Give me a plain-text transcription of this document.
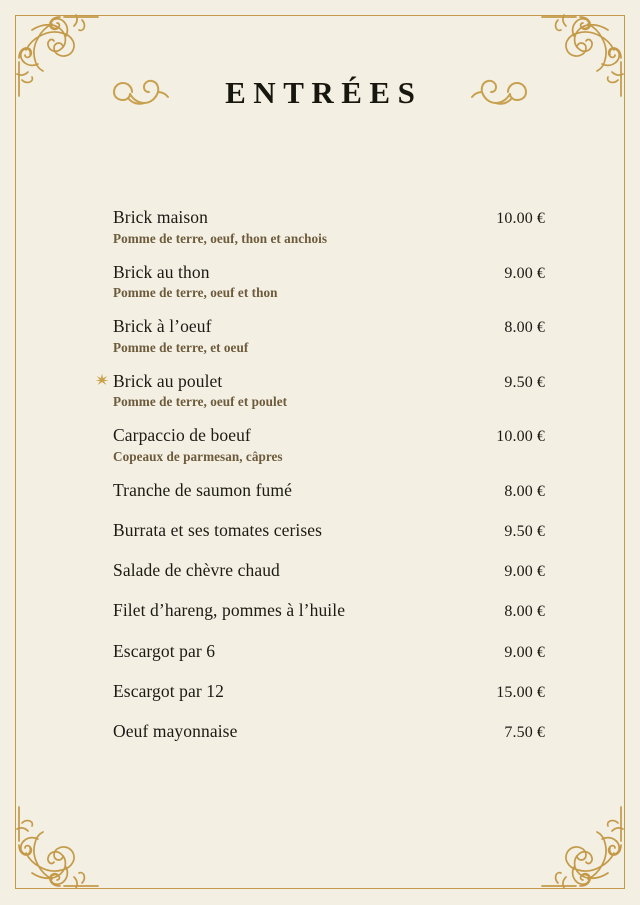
ENTRÉES
Brick maison	10.00 €
Pomme de terre, oeuf, thon et anchois
Brick au thon	9.00 €
Pomme de terre, oeuf et thon
Brick à l’oeuf	8.00 €
Pomme de terre, et oeuf
Brick au poulet	9.50 €
Pomme de terre, oeuf et poulet
Carpaccio de boeuf	10.00 €
Copeaux de parmesan, câpres
Tranche de saumon fumé	8.00 €
Burrata et ses tomates cerises	9.50 €
Salade de chèvre chaud	9.00 €
Filet d’hareng, pommes à l’huile	8.00 €
Escargot par 6	9.00 €
Escargot par 12	15.00 €
Oeuf mayonnaise	7.50 €
